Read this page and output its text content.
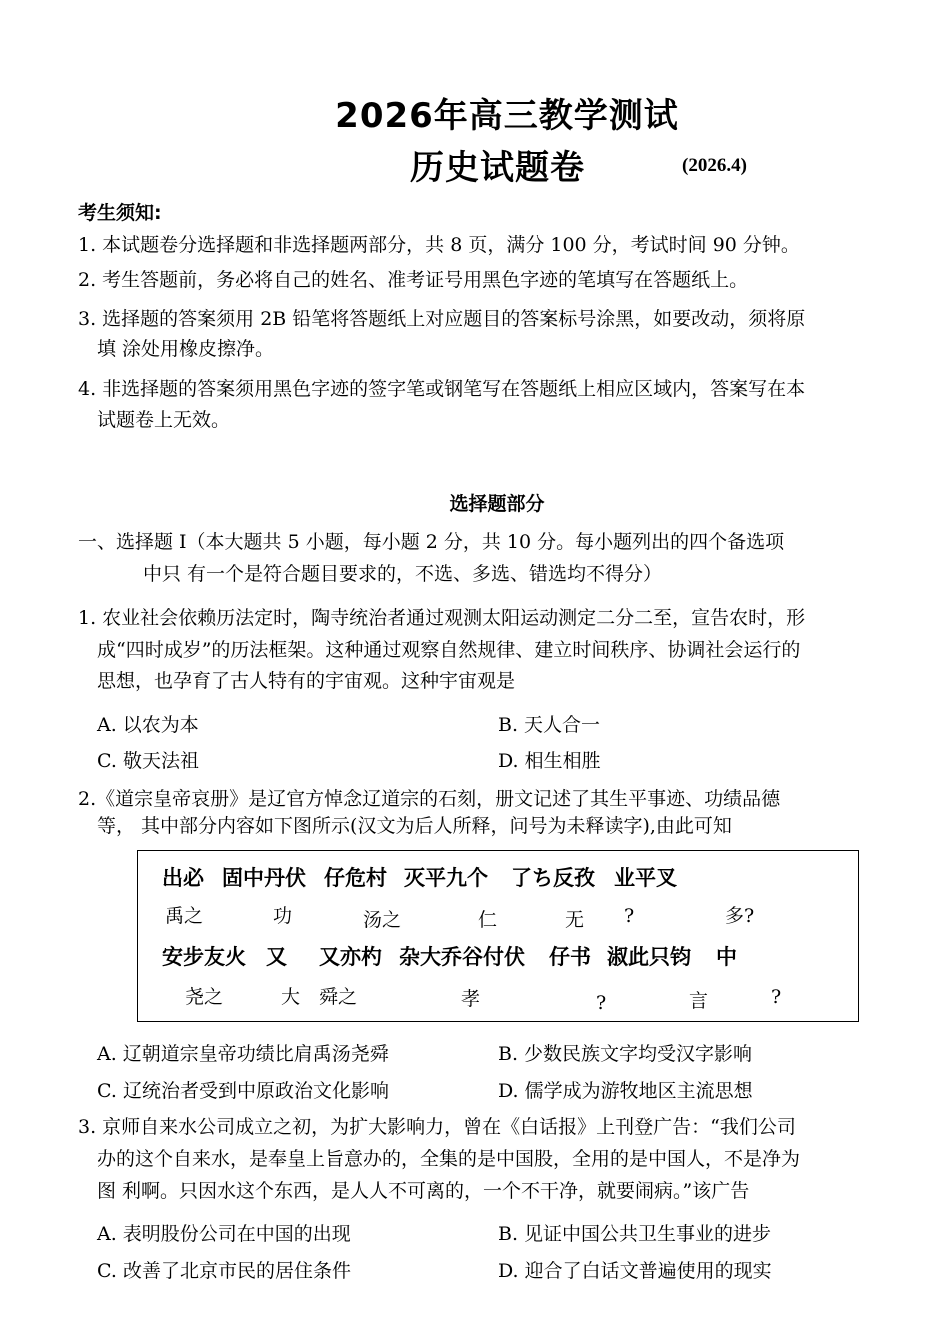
2026年高三教学测试
历史试题卷	(2026.4)
考生须知:
1. 本试题卷分选择题和非选择题两部分，共 8 页，满分 100 分，考试时间 90 分钟。
2. 考生答题前，务必将自己的姓名、准考证号用黑色字迹的笔填写在答题纸上。
3. 选择题的答案须用 2B 铅笔将答题纸上对应题目的答案标号涂黑，如要改动，须将原
填 涂处用橡皮擦净。
4. 非选择题的答案须用黑色字迹的签字笔或钢笔写在答题纸上相应区域内，答案写在本
试题卷上无效。
选择题部分
一、选择题 Ⅰ（本大题共 5 小题，每小题 2 分，共 10 分。每小题列出的四个备选项
中只 有一个是符合题目要求的，不选、多选、错选均不得分）
1. 农业社会依赖历法定时，陶寺统治者通过观测太阳运动测定二分二至，宣告农时，形
成“四时成岁”的历法框架。这种通过观察自然规律、建立时间秩序、协调社会运行的
思想，也孕育了古人特有的宇宙观。这种宇宙观是
A. 以农为本	B. 天人合一
C. 敬天法祖	D. 相生相胜
2.《道宗皇帝哀册》是辽官方悼念辽道宗的石刻，册文记述了其生平事迹、功绩品德
等， 其中部分内容如下图所示(汉文为后人所释，问号为未释读字),由此可知
出必 固中丹伏 仔危村 灭平九个 了ち反孜 业平叉
禹之	功	汤之	仁	无 ?	多?
安步友火 又 又亦杓 杂大乔谷付伏 仔书 淑此只钧 中
尧之	大 舜之	孝	?	言	?
A. 辽朝道宗皇帝功绩比肩禹汤尧舜	B. 少数民族文字均受汉字影响
C. 辽统治者受到中原政治文化影响	D. 儒学成为游牧地区主流思想
3. 京师自来水公司成立之初，为扩大影响力，曾在《白话报》上刊登广告：“我们公司
办的这个自来水，是奉皇上旨意办的，全集的是中国股，全用的是中国人，不是净为
图 利啊。只因水这个东西，是人人不可离的，一个不干净，就要闹病。”该广告
A. 表明股份公司在中国的出现	B. 见证中国公共卫生事业的进步
C. 改善了北京市民的居住条件	D. 迎合了白话文普遍使用的现实
